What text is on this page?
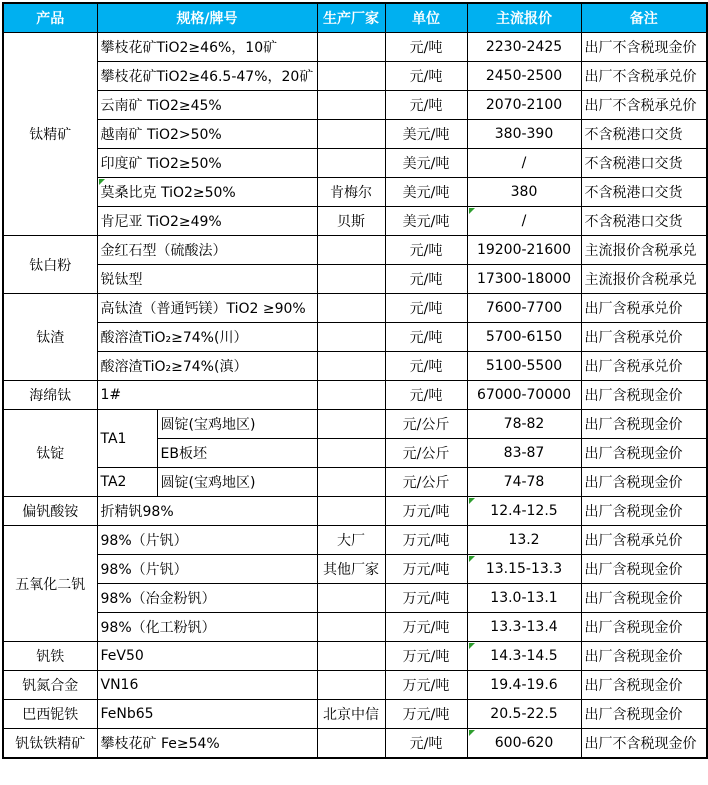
产品	规格/牌号		生产厂家	单位	主流报价	备注
钛精矿	攀枝花矿TiO2≥46%，10矿			元/吨	2230-2425	出厂不含税现金价
	攀枝花矿TiO2≥46.5-47%，20矿			元/吨	2450-2500	出厂不含税承兑价
	云南矿 TiO2≥45%			元/吨	2070-2100	出厂不含税承兑价
	越南矿 TiO2>50%			美元/吨	380-390	不含税港口交货
	印度矿 TiO2≥50%			美元/吨	/	不含税港口交货
	莫桑比克 TiO2≥50%		肯梅尔	美元/吨	380	不含税港口交货
	肯尼亚 TiO2≥49%		贝斯	美元/吨	/	不含税港口交货
钛白粉	金红石型（硫酸法）			元/吨	19200-21600	主流报价含税承兑
	锐钛型			元/吨	17300-18000	主流报价含税承兑
钛渣	高钛渣（普通钙镁）TiO2 ≥90%			元/吨	7600-7700	出厂含税承兑价
	酸溶渣TiO₂≥74%(川）			元/吨	5700-6150	出厂含税承兑价
	酸溶渣TiO₂≥74%(滇）			元/吨	5100-5500	出厂含税承兑价
海绵钛	1#			元/吨	67000-70000	出厂含税现金价
钛锭	TA1	圆锭(宝鸡地区)		元/公斤	78-82	出厂含税现金价
		EB板坯		元/公斤	83-87	出厂含税现金价
	TA2	圆锭(宝鸡地区)		元/公斤	74-78	出厂含税现金价
偏钒酸铵	折精钒98%			万元/吨	12.4-12.5	出厂含税现金价
五氧化二钒	98%（片钒）		大厂	万元/吨	13.2	出厂含税承兑价
	98%（片钒）		其他厂家	万元/吨	13.15-13.3	出厂含税现金价
	98%（冶金粉钒）			万元/吨	13.0-13.1	出厂含税现金价
	98%（化工粉钒）			万元/吨	13.3-13.4	出厂含税现金价
钒铁	FeV50			万元/吨	14.3-14.5	出厂含税现金价
钒氮合金	VN16			万元/吨	19.4-19.6	出厂含税现金价
巴西铌铁	FeNb65		北京中信	万元/吨	20.5-22.5	出厂含税现金价
钒钛铁精矿	攀枝花矿 Fe≥54%			元/吨	600-620	出厂不含税现金价
